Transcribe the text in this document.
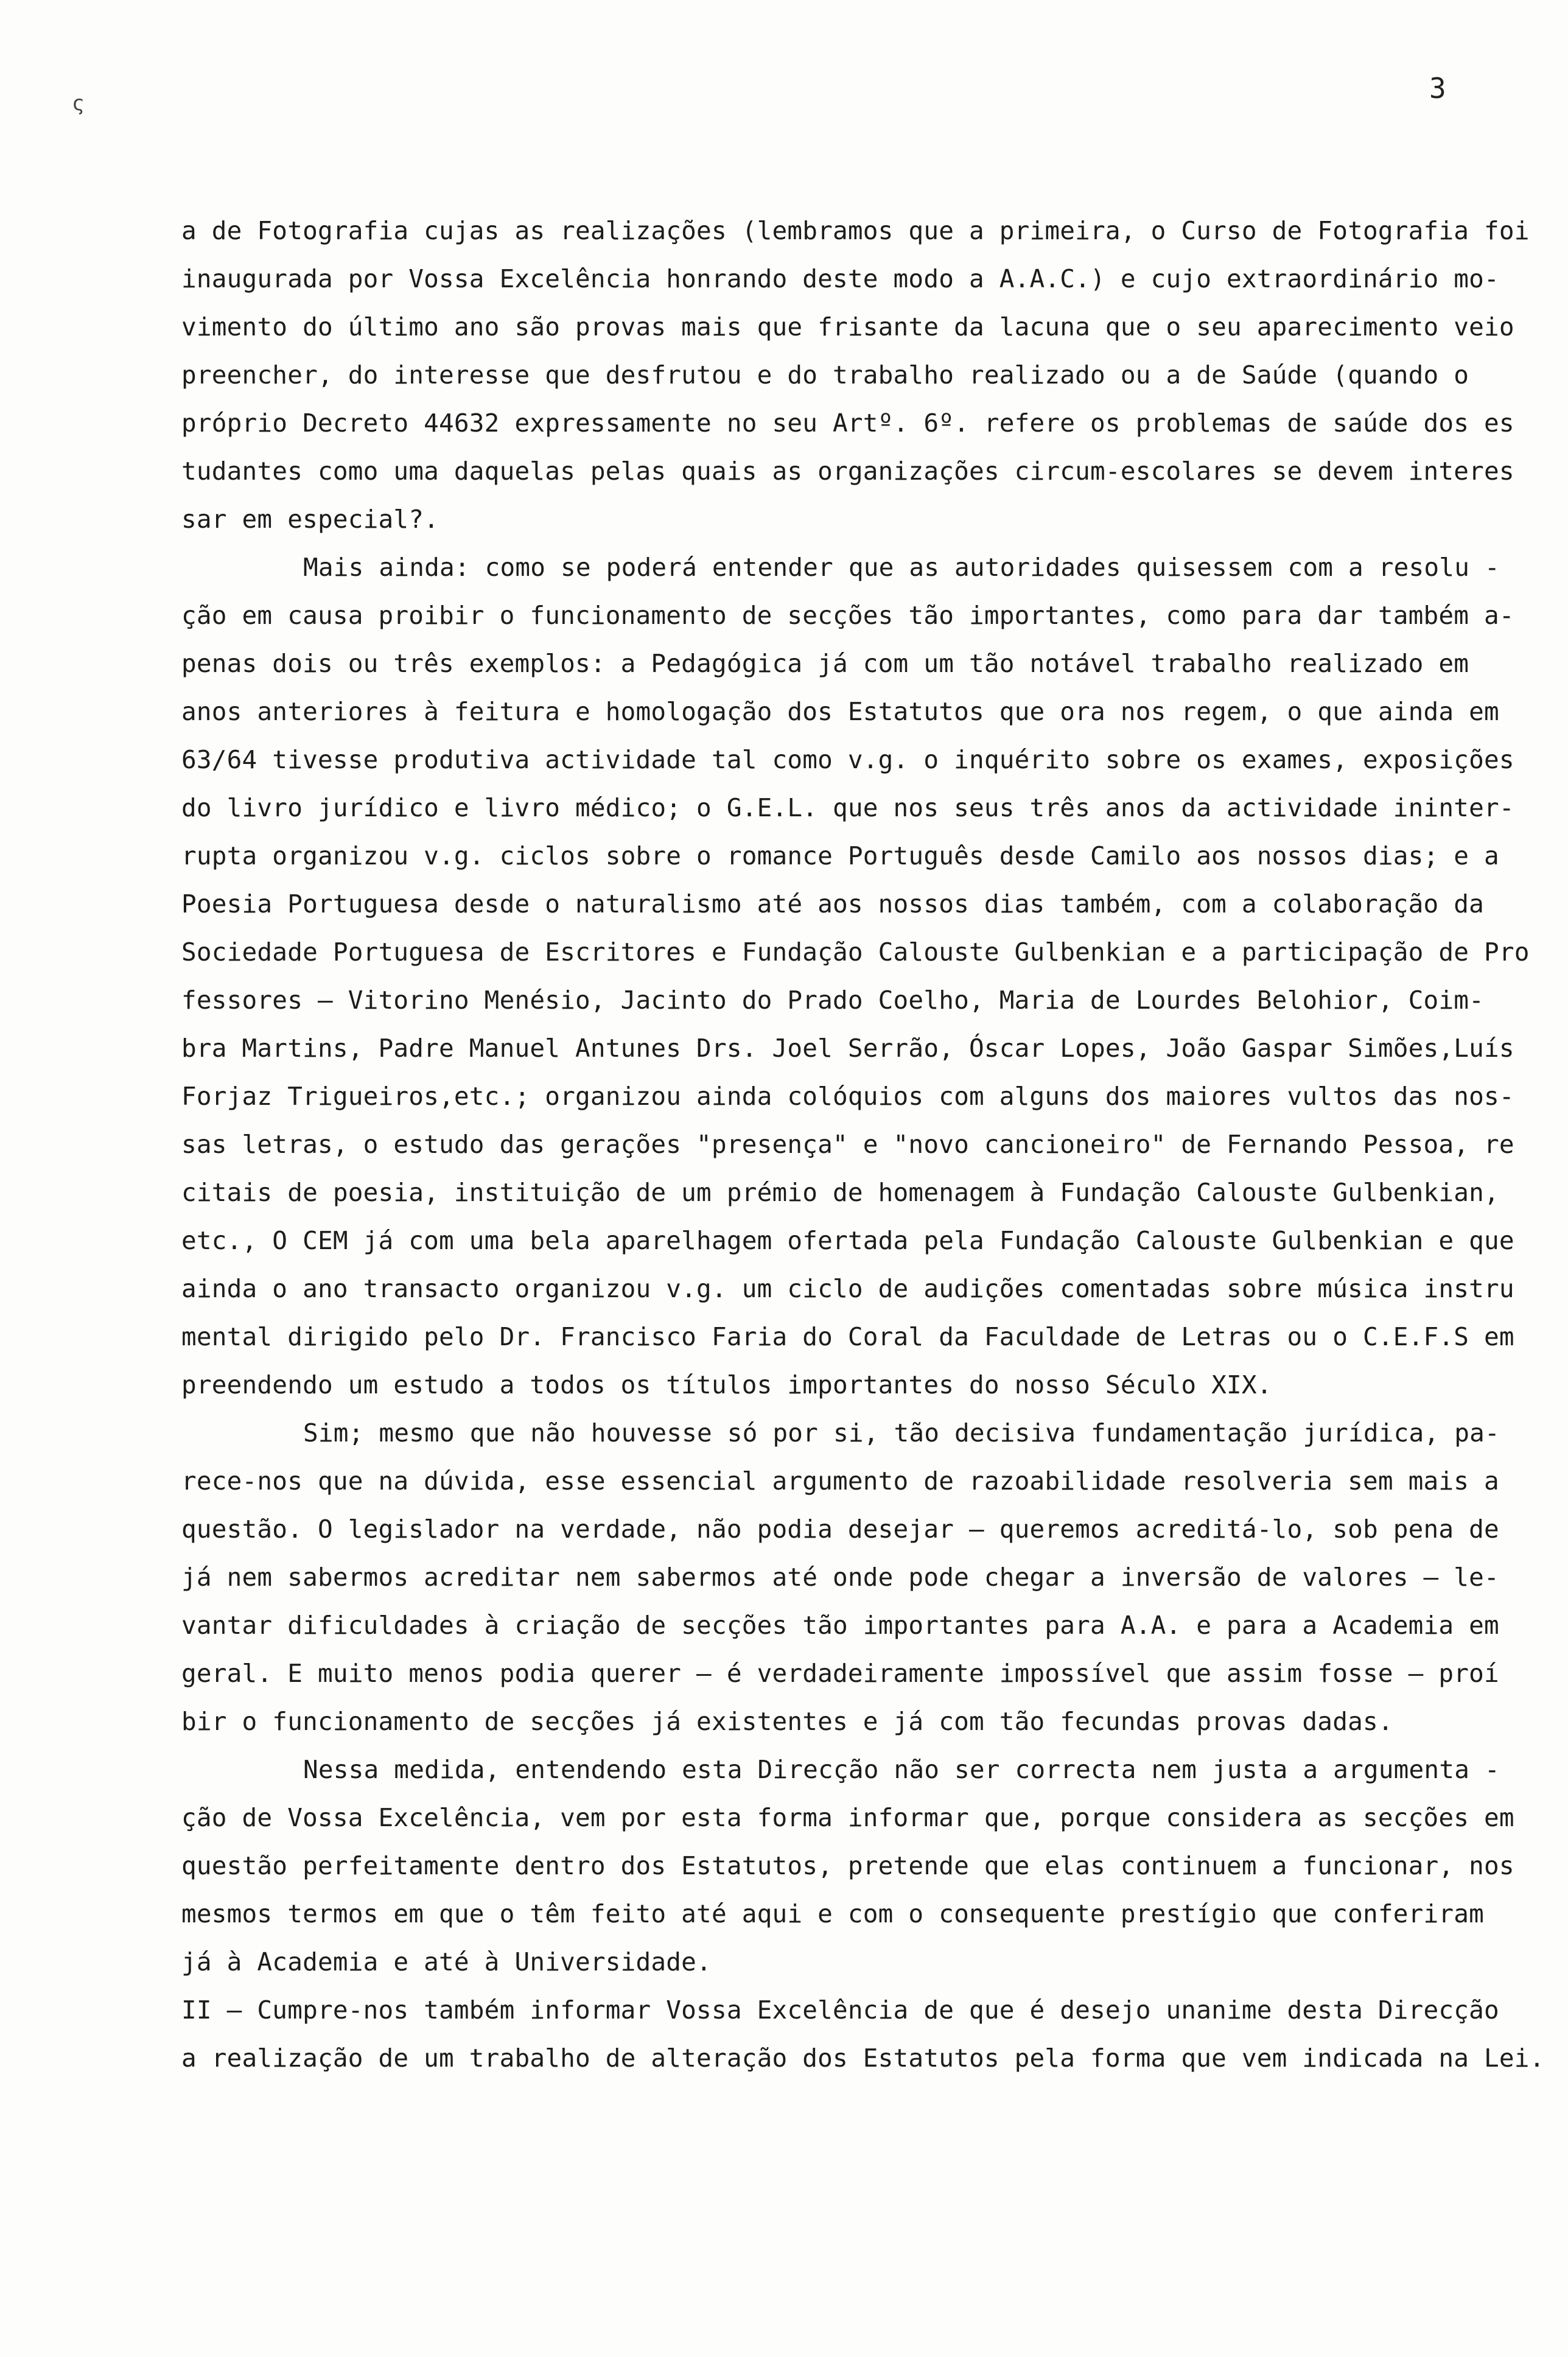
ς	3
a de Fotografia cujas as realizações (lembramos que a primeira, o Curso de Fotografia foi
inaugurada por Vossa Excelência honrando deste modo a A.A.C.) e cujo extraordinário mo-
vimento do último ano são provas mais que frisante da lacuna que o seu aparecimento veio
preencher, do interesse que desfrutou e do trabalho realizado ou a de Saúde (quando o
próprio Decreto 44632 expressamente no seu Artº. 6º. refere os problemas de saúde dos es
tudantes como uma daquelas pelas quais as organizações circum-escolares se devem interes
sar em especial?.
Mais ainda: como se poderá entender que as autoridades quisessem com a resolu -
ção em causa proibir o funcionamento de secções tão importantes, como para dar também a-
penas dois ou três exemplos: a Pedagógica já com um tão notável trabalho realizado em
anos anteriores à feitura e homologação dos Estatutos que ora nos regem, o que ainda em
63/64 tivesse produtiva actividade tal como v.g. o inquérito sobre os exames, exposições
do livro jurídico e livro médico; o G.E.L. que nos seus três anos da actividade ininter-
rupta organizou v.g. ciclos sobre o romance Português desde Camilo aos nossos dias; e a
Poesia Portuguesa desde o naturalismo até aos nossos dias também, com a colaboração da
Sociedade Portuguesa de Escritores e Fundação Calouste Gulbenkian e a participação de Pro
fessores — Vitorino Menésio, Jacinto do Prado Coelho, Maria de Lourdes Belohior, Coim-
bra Martins, Padre Manuel Antunes Drs. Joel Serrão, Óscar Lopes, João Gaspar Simões,Luís
Forjaz Trigueiros,etc.; organizou ainda colóquios com alguns dos maiores vultos das nos-
sas letras, o estudo das gerações "presença" e "novo cancioneiro" de Fernando Pessoa, re
citais de poesia, instituição de um prémio de homenagem à Fundação Calouste Gulbenkian,
etc., O CEM já com uma bela aparelhagem ofertada pela Fundação Calouste Gulbenkian e que
ainda o ano transacto organizou v.g. um ciclo de audições comentadas sobre música instru
mental dirigido pelo Dr. Francisco Faria do Coral da Faculdade de Letras ou o C.E.F.S em
preendendo um estudo a todos os títulos importantes do nosso Século XIX.
Sim; mesmo que não houvesse só por si, tão decisiva fundamentação jurídica, pa-
rece-nos que na dúvida, esse essencial argumento de razoabilidade resolveria sem mais a
questão. O legislador na verdade, não podia desejar — queremos acreditá-lo, sob pena de
já nem sabermos acreditar nem sabermos até onde pode chegar a inversão de valores — le-
vantar dificuldades à criação de secções tão importantes para A.A. e para a Academia em
geral. E muito menos podia querer — é verdadeiramente impossível que assim fosse — proí
bir o funcionamento de secções já existentes e já com tão fecundas provas dadas.
Nessa medida, entendendo esta Direcção não ser correcta nem justa a argumenta -
ção de Vossa Excelência, vem por esta forma informar que, porque considera as secções em
questão perfeitamente dentro dos Estatutos, pretende que elas continuem a funcionar, nos
mesmos termos em que o têm feito até aqui e com o consequente prestígio que conferiram
já à Academia e até à Universidade.
II — Cumpre-nos também informar Vossa Excelência de que é desejo unanime desta Direcção
a realização de um trabalho de alteração dos Estatutos pela forma que vem indicada na Lei.
